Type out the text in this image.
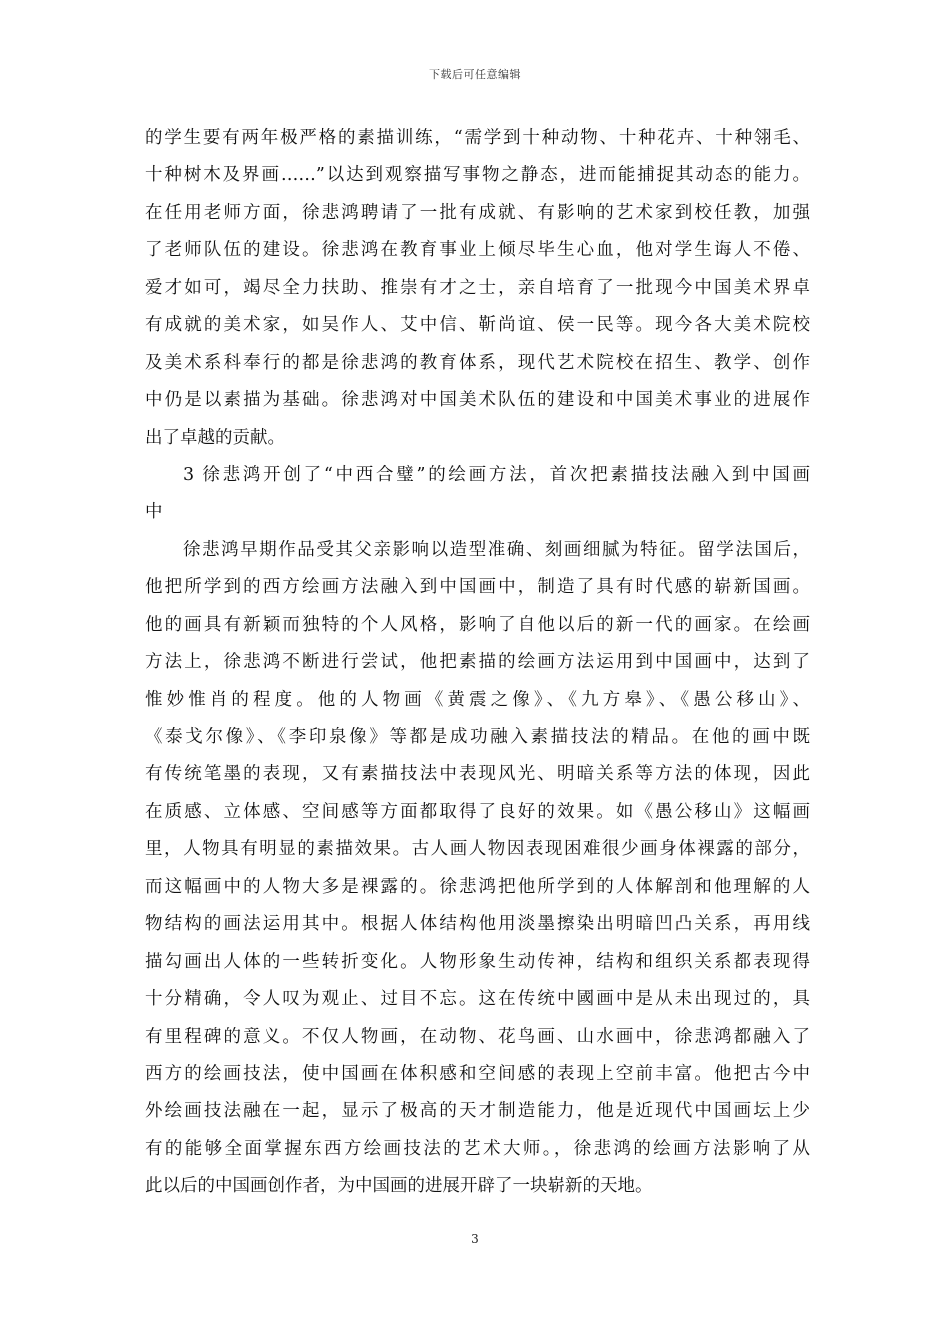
下载后可任意编辑
的学生要有两年极严格的素描训练，“需学到十种动物、十种花卉、十种翎毛、
十种树木及界画……”以达到观察描写事物之静态，进而能捕捉其动态的能力。
在任用老师方面，徐悲鸿聘请了一批有成就、有影响的艺术家到校任教，加强
了老师队伍的建设。徐悲鸿在教育事业上倾尽毕生心血，他对学生诲人不倦、
爱才如可，竭尽全力扶助、推崇有才之士，亲自培育了一批现今中国美术界卓
有成就的美术家，如吴作人、艾中信、靳尚谊、侯一民等。现今各大美术院校
及美术系科奉行的都是徐悲鸿的教育体系，现代艺术院校在招生、教学、创作
中仍是以素描为基础。徐悲鸿对中国美术队伍的建设和中国美术事业的进展作
出了卓越的贡献。
3 徐悲鸿开创了“中西合璧”的绘画方法，首次把素描技法融入到中国画
中
徐悲鸿早期作品受其父亲影响以造型准确、刻画细腻为特征。留学法国后，
他把所学到的西方绘画方法融入到中国画中，制造了具有时代感的崭新国画。
他的画具有新颖而独特的个人风格，影响了自他以后的新一代的画家。在绘画
方法上，徐悲鸿不断进行尝试，他把素描的绘画方法运用到中国画中，达到了
惟妙惟肖的程度。他的人物画《黄震之像》、《九方皋》、《愚公移山》、
《泰戈尔像》、《李印泉像》等都是成功融入素描技法的精品。在他的画中既
有传统笔墨的表现，又有素描技法中表现风光、明暗关系等方法的体现，因此
在质感、立体感、空间感等方面都取得了良好的效果。如《愚公移山》这幅画
里，人物具有明显的素描效果。古人画人物因表现困难很少画身体裸露的部分，
而这幅画中的人物大多是裸露的。徐悲鸿把他所学到的人体解剖和他理解的人
物结构的画法运用其中。根据人体结构他用淡墨擦染出明暗凹凸关系，再用线
描勾画出人体的一些转折变化。人物形象生动传神，结构和组织关系都表现得
十分精确，令人叹为观止、过目不忘。这在传统中國画中是从未出现过的，具
有里程碑的意义。不仅人物画，在动物、花鸟画、山水画中，徐悲鸿都融入了
西方的绘画技法，使中国画在体积感和空间感的表现上空前丰富。他把古今中
外绘画技法融在一起，显示了极高的天才制造能力，他是近现代中国画坛上少
有的能够全面掌握东西方绘画技法的艺术大师。，徐悲鸿的绘画方法影响了从
此以后的中国画创作者，为中国画的进展开辟了一块崭新的天地。
3
